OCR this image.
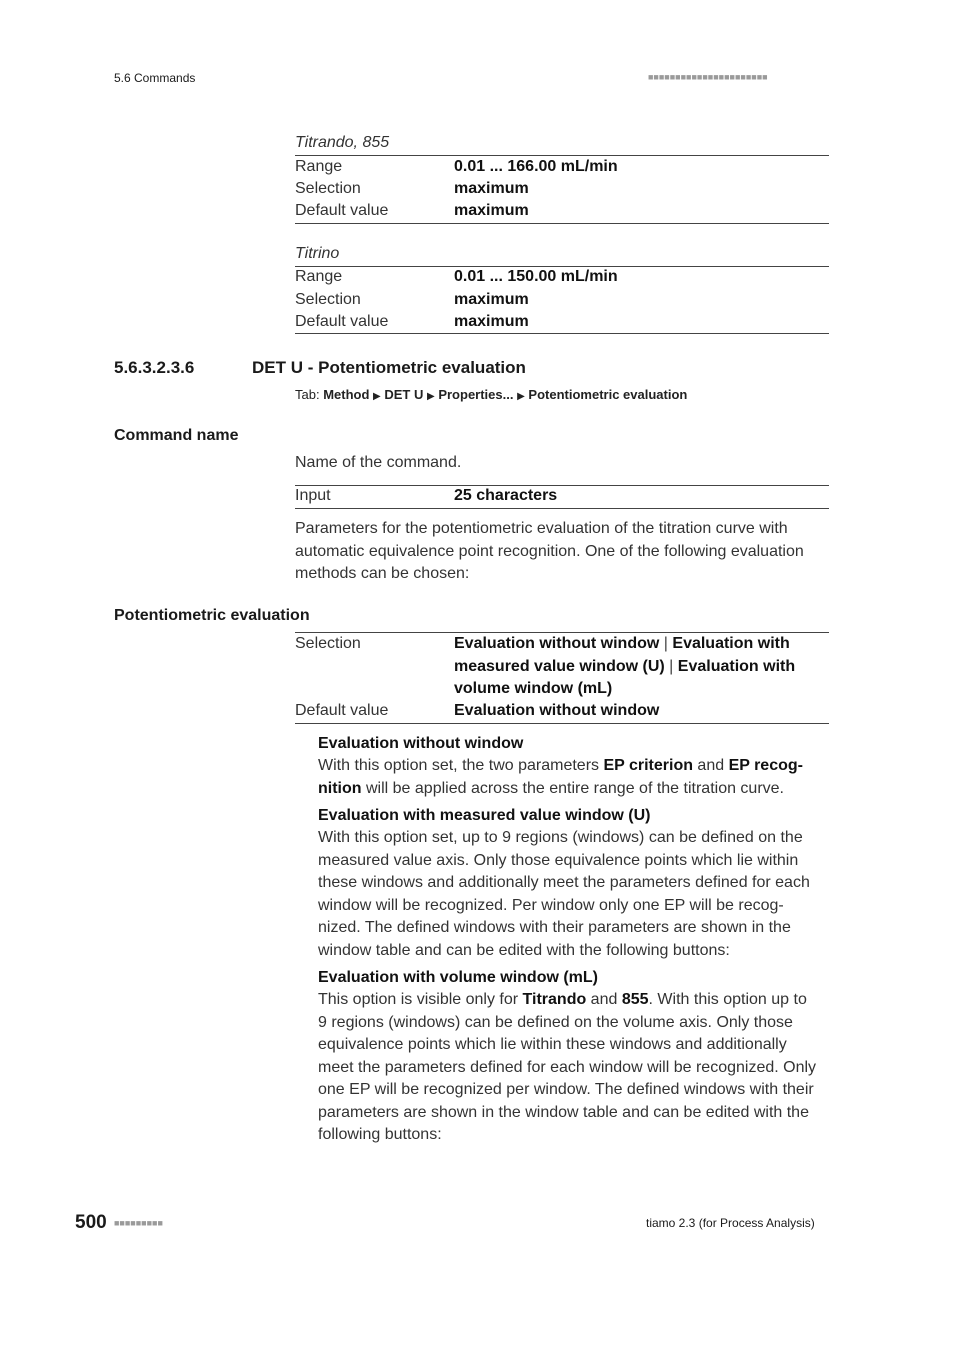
5.6 Commands	■■■■■■■■■■■■■■■■■■■■■■
Titrando, 855
Range	0.01 ... 166.00 mL/min
Selection	maximum
Default value	maximum
Titrino
Range	0.01 ... 150.00 mL/min
Selection	maximum
Default value	maximum
5.6.3.2.3.6	DET U - Potentiometric evaluation
Tab: Method ▶ DET U ▶ Properties... ▶ Potentiometric evaluation
Command name
Name of the command.
Input	25 characters
Parameters for the potentiometric evaluation of the titration curve with automatic equivalence point recognition. One of the following evaluation methods can be chosen:
Potentiometric evaluation
Selection	Evaluation without window | Evaluation with measured value window (U) | Evaluation with volume window (mL)
Default value	Evaluation without window
Evaluation without window
With this option set, the two parameters EP criterion and EP recog-
nition will be applied across the entire range of the titration curve.
Evaluation with measured value window (U)
With this option set, up to 9 regions (windows) can be defined on the
measured value axis. Only those equivalence points which lie within
these windows and additionally meet the parameters defined for each
window will be recognized. Per window only one EP will be recog-
nized. The defined windows with their parameters are shown in the
window table and can be edited with the following buttons:
Evaluation with volume window (mL)
This option is visible only for Titrando and 855. With this option up to
9 regions (windows) can be defined on the volume axis. Only those
equivalence points which lie within these windows and additionally
meet the parameters defined for each window will be recognized. Only
one EP will be recognized per window. The defined windows with their
parameters are shown in the window table and can be edited with the
following buttons:
500 ■■■■■■■■■	tiamo 2.3 (for Process Analysis)
